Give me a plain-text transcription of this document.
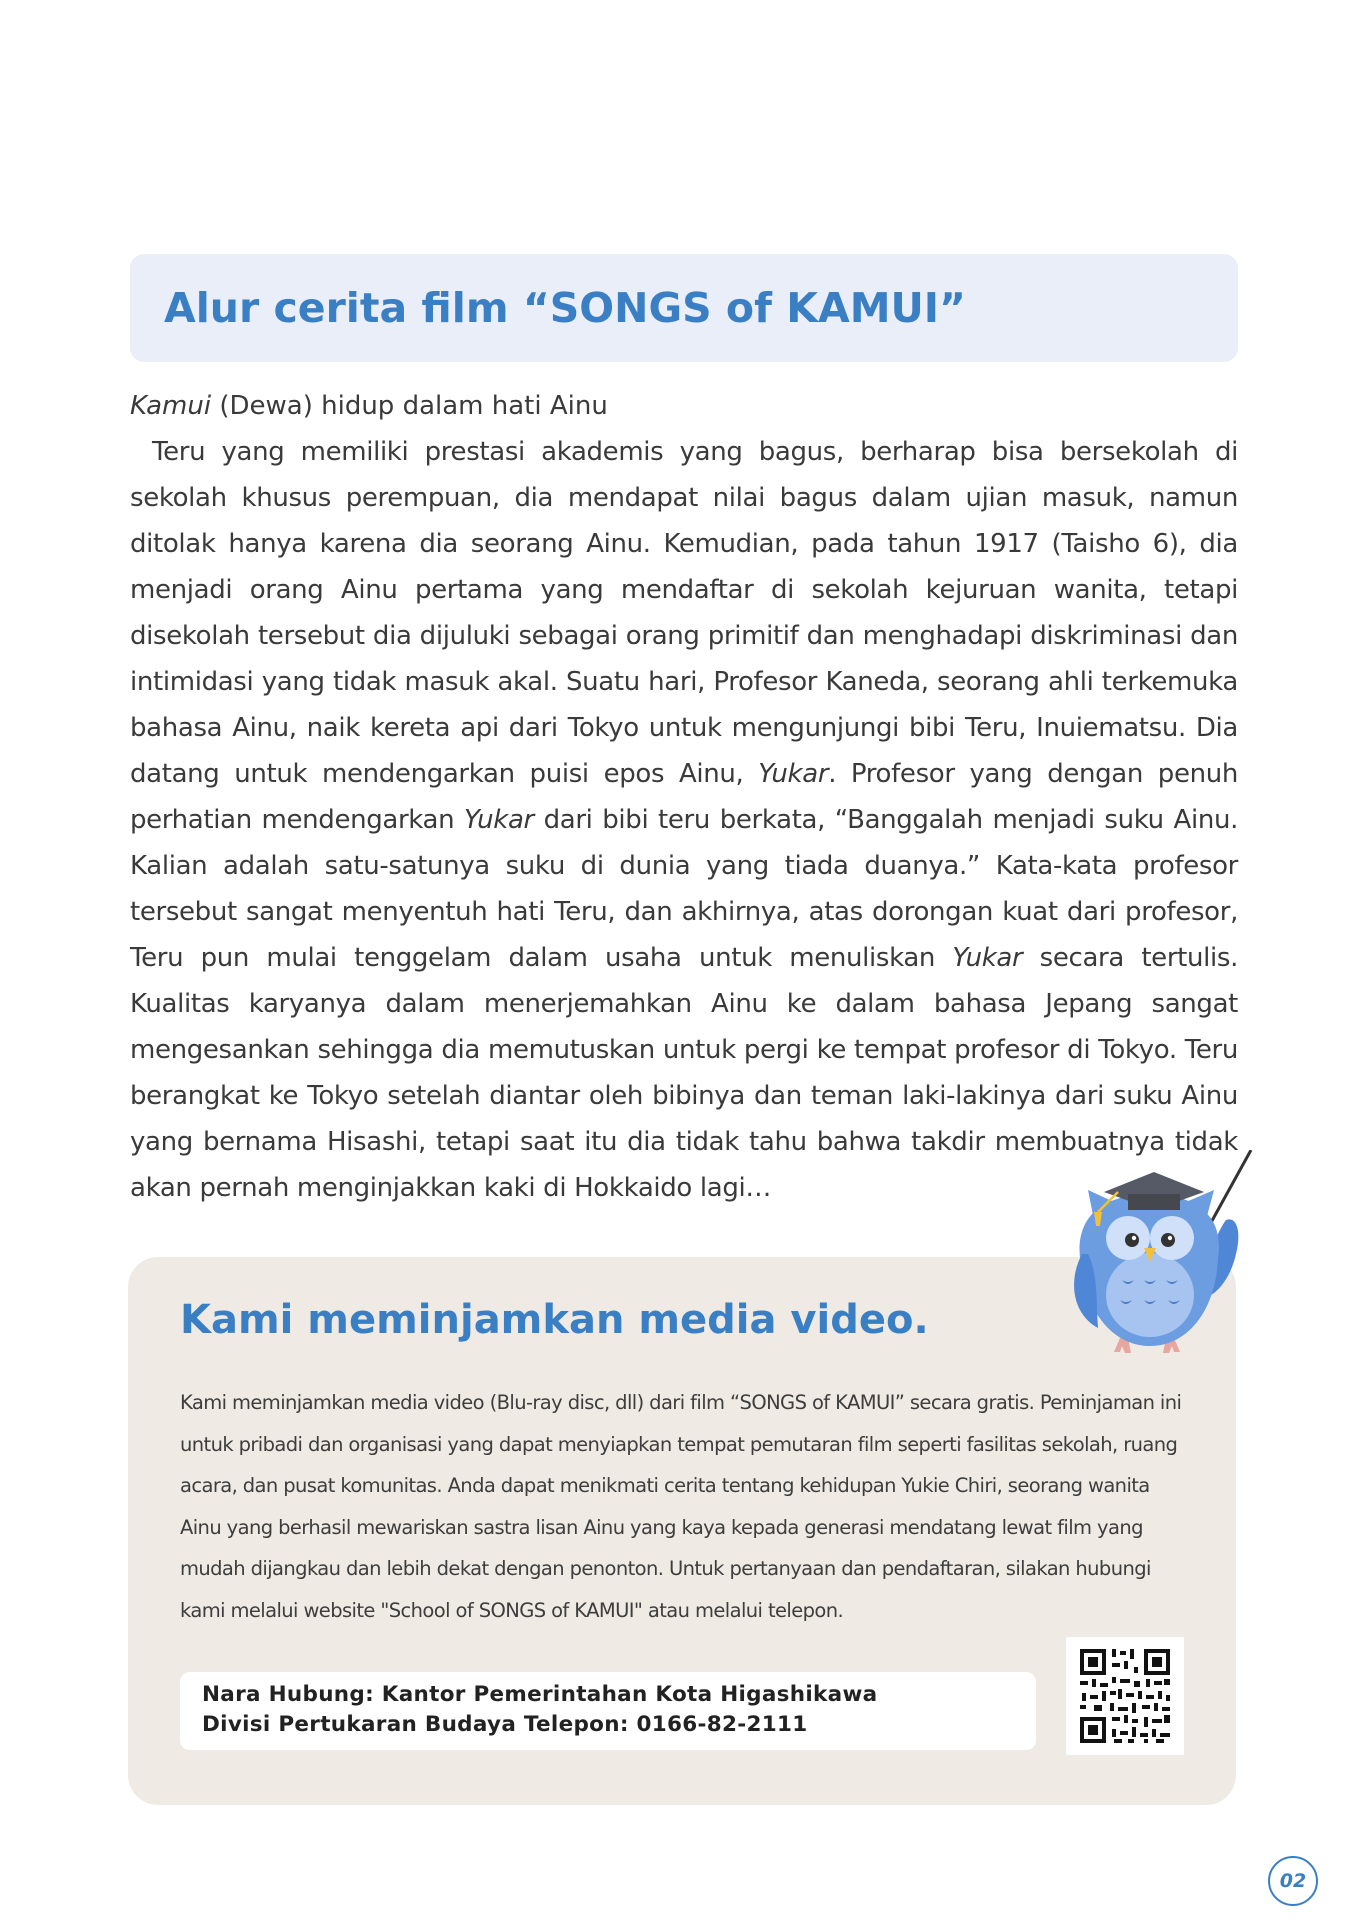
Alur cerita film “SONGS of KAMUI”

Kamui (Dewa) hidup dalam hati Ainu

Teru yang memiliki prestasi akademis yang bagus, berharap bisa bersekolah di sekolah khusus perempuan, dia mendapat nilai bagus dalam ujian masuk, namun ditolak hanya karena dia seorang Ainu. Kemudian, pada tahun 1917 (Taisho 6), dia menjadi orang Ainu pertama yang mendaftar di sekolah kejuruan wanita, tetapi disekolah tersebut dia dijuluki sebagai orang primitif dan menghadapi diskriminasi dan intimidasi yang tidak masuk akal. Suatu hari, Profesor Kaneda, seorang ahli terkemuka bahasa Ainu, naik kereta api dari Tokyo untuk mengunjungi bibi Teru, Inuiematsu. Dia datang untuk mendengarkan puisi epos Ainu, Yukar. Profesor yang dengan penuh perhatian mendengarkan Yukar dari bibi teru berkata, “Banggalah menjadi suku Ainu. Kalian adalah satu-satunya suku di dunia yang tiada duanya.” Kata-kata profesor tersebut sangat menyentuh hati Teru, dan akhirnya, atas dorongan kuat dari profesor, Teru pun mulai tenggelam dalam usaha untuk menuliskan Yukar secara tertulis. Kualitas karyanya dalam menerjemahkan Ainu ke dalam bahasa Jepang sangat mengesankan sehingga dia memutuskan untuk pergi ke tempat profesor di Tokyo. Teru berangkat ke Tokyo setelah diantar oleh bibinya dan teman laki-lakinya dari suku Ainu yang bernama Hisashi, tetapi saat itu dia tidak tahu bahwa takdir membuatnya tidak akan pernah menginjakkan kaki di Hokkaido lagi…

Kami meminjamkan media video.

Kami meminjamkan media video (Blu-ray disc, dll) dari film “SONGS of KAMUI” secara gratis. Peminjaman ini untuk pribadi dan organisasi yang dapat menyiapkan tempat pemutaran film seperti fasilitas sekolah, ruang acara, dan pusat komunitas. Anda dapat menikmati cerita tentang kehidupan Yukie Chiri, seorang wanita Ainu yang berhasil mewariskan sastra lisan Ainu yang kaya kepada generasi mendatang lewat film yang mudah dijangkau dan lebih dekat dengan penonton. Untuk pertanyaan dan pendaftaran, silakan hubungi kami melalui website "School of SONGS of KAMUI" atau melalui telepon.

Nara Hubung: Kantor Pemerintahan Kota Higashikawa
Divisi Pertukaran Budaya Telepon: 0166-82-2111
02
